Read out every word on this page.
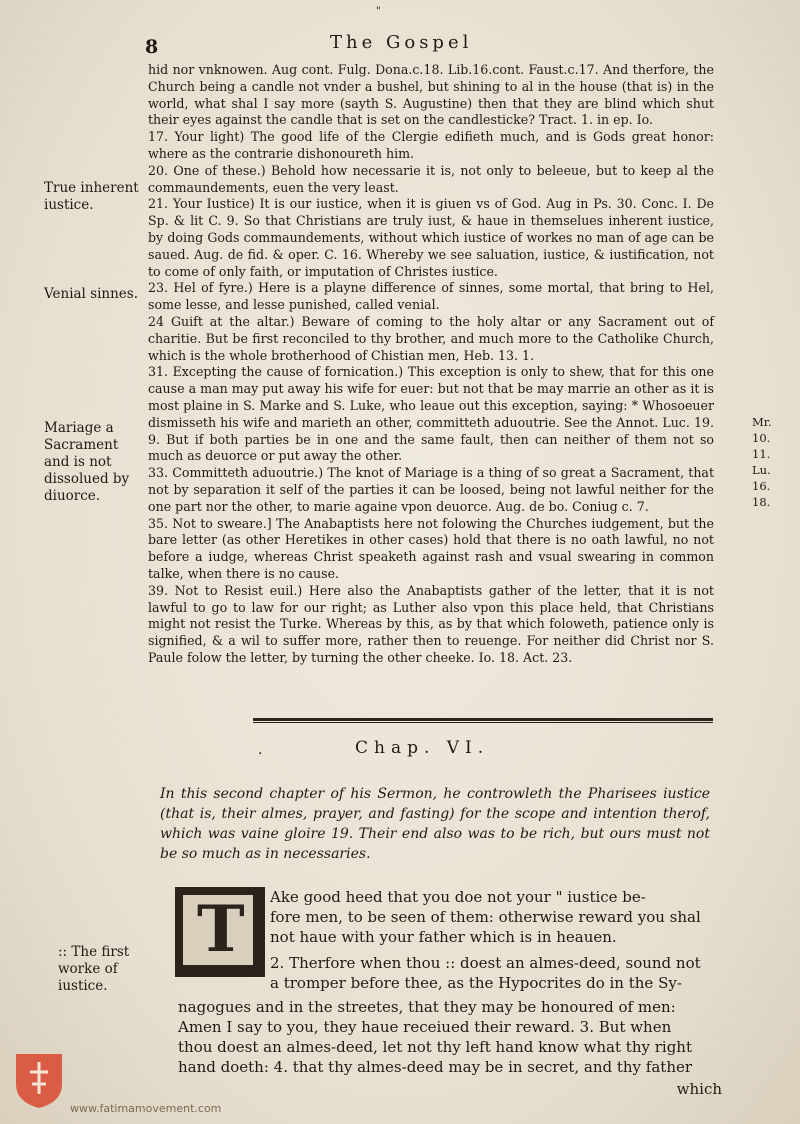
"
8	The Gospel

hid nor vnknowen. Aug cont. Fulg. Dona.c.18. Lib.16.cont. Faust.c.17. And therfore, the Church being a candle not vnder a bushel, but shining to al in the house (that is) in the world, what shal I say more (sayth S. Augustine) then that they are blind which shut their eyes against the candle that is set on the candlesticke? Tract. 1. in ep. Io.

17. Your light) The good life of the Clergie edifieth much, and is Gods great honor: where as the contrarie dishonoureth him.

20. One of these.) Behold how necessarie it is, not only to beleeue, but to keep al the commaundements, euen the very least.

21. Your Iustice) It is our iustice, when it is giuen vs of God. Aug in Ps. 30. Conc. I. De Sp. & lit C. 9. So that Christians are truly iust, & haue in themselues inherent iustice, by doing Gods commaundements, without which iustice of workes no man of age can be saued. Aug. de fid. & oper. C. 16. Whereby we see saluation, iustice, & iustification, not to come of only faith, or imputation of Christes iustice.

23. Hel of fyre.) Here is a playne difference of sinnes, some mortal, that bring to Hel, some lesse, and lesse punished, called venial.

24 Guift at the altar.) Beware of coming to the holy altar or any Sacrament out of charitie. But be first reconciled to thy brother, and much more to the Catholike Church, which is the whole brotherhood of Chistian men, Heb. 13. 1.

31. Excepting the cause of fornication.) This exception is only to shew, that for this one cause a man may put away his wife for euer: but not that be may marrie an other as it is most plaine in S. Marke and S. Luke, who leaue out this exception, saying: * Whosoeuer dismisseth his wife and marieth an other, committeth aduoutrie. See the Annot. Luc. 19. 9. But if both parties be in one and the same fault, then can neither of them not so much as deuorce or put away the other.

33. Committeth aduoutrie.) The knot of Mariage is a thing of so great a Sacrament, that not by separation it self of the parties it can be loosed, being not lawful neither for the one part nor the other, to marie againe vpon deuorce. Aug. de bo. Coniug c. 7.

35. Not to sweare.] The Anabaptists here not folowing the Churches iudgement, but the bare letter (as other Heretikes in other cases) hold that there is no oath lawful, no not before a iudge, whereas Christ speaketh against rash and vsual swearing in common talke, when there is no cause.

39. Not to Resist euil.) Here also the Anabaptists gather of the letter, that it is not lawful to go to law for our right; as Luther also vpon this place held, that Christians might not resist the Turke. Whereas by this, as by that which foloweth, patience only is signified, & a wil to suffer more, rather then to reuenge. For neither did Christ nor S. Paule folow the letter, by turning the other cheeke. Io. 18. Act. 23.

True inherent iustice.
Venial sinnes.
Mariage a Sacrament and is not dissolued by diuorce.
Mr. 10. 11. Lu. 16. 18.
.	Chap. VI.
In this second chapter of his Sermon, he controwleth the Pharisees iustice (that is, their almes, prayer, and fasting) for the scope and intention therof, which was vaine gloire 19. Their end also was to be rich, but ours must not be so much as in necessaries.
T Ake good heed that you doe not your " iustice be-
fore men, to be seen of them: otherwise reward you shal
not haue with your father which is in heauen.
2. Therfore when thou :: doest an almes-deed, sound not
a tromper before thee, as the Hypocrites do in the Sy-
nagogues and in the streetes, that they may be honoured of men:
Amen I say to you, they haue receiued their reward. 3. But when
thou doest an almes-deed, let not thy left hand know what thy right
hand doeth: 4. that thy almes-deed may be in secret, and thy father
which
:: The first worke of iustice.
www.fatimamovement.com
